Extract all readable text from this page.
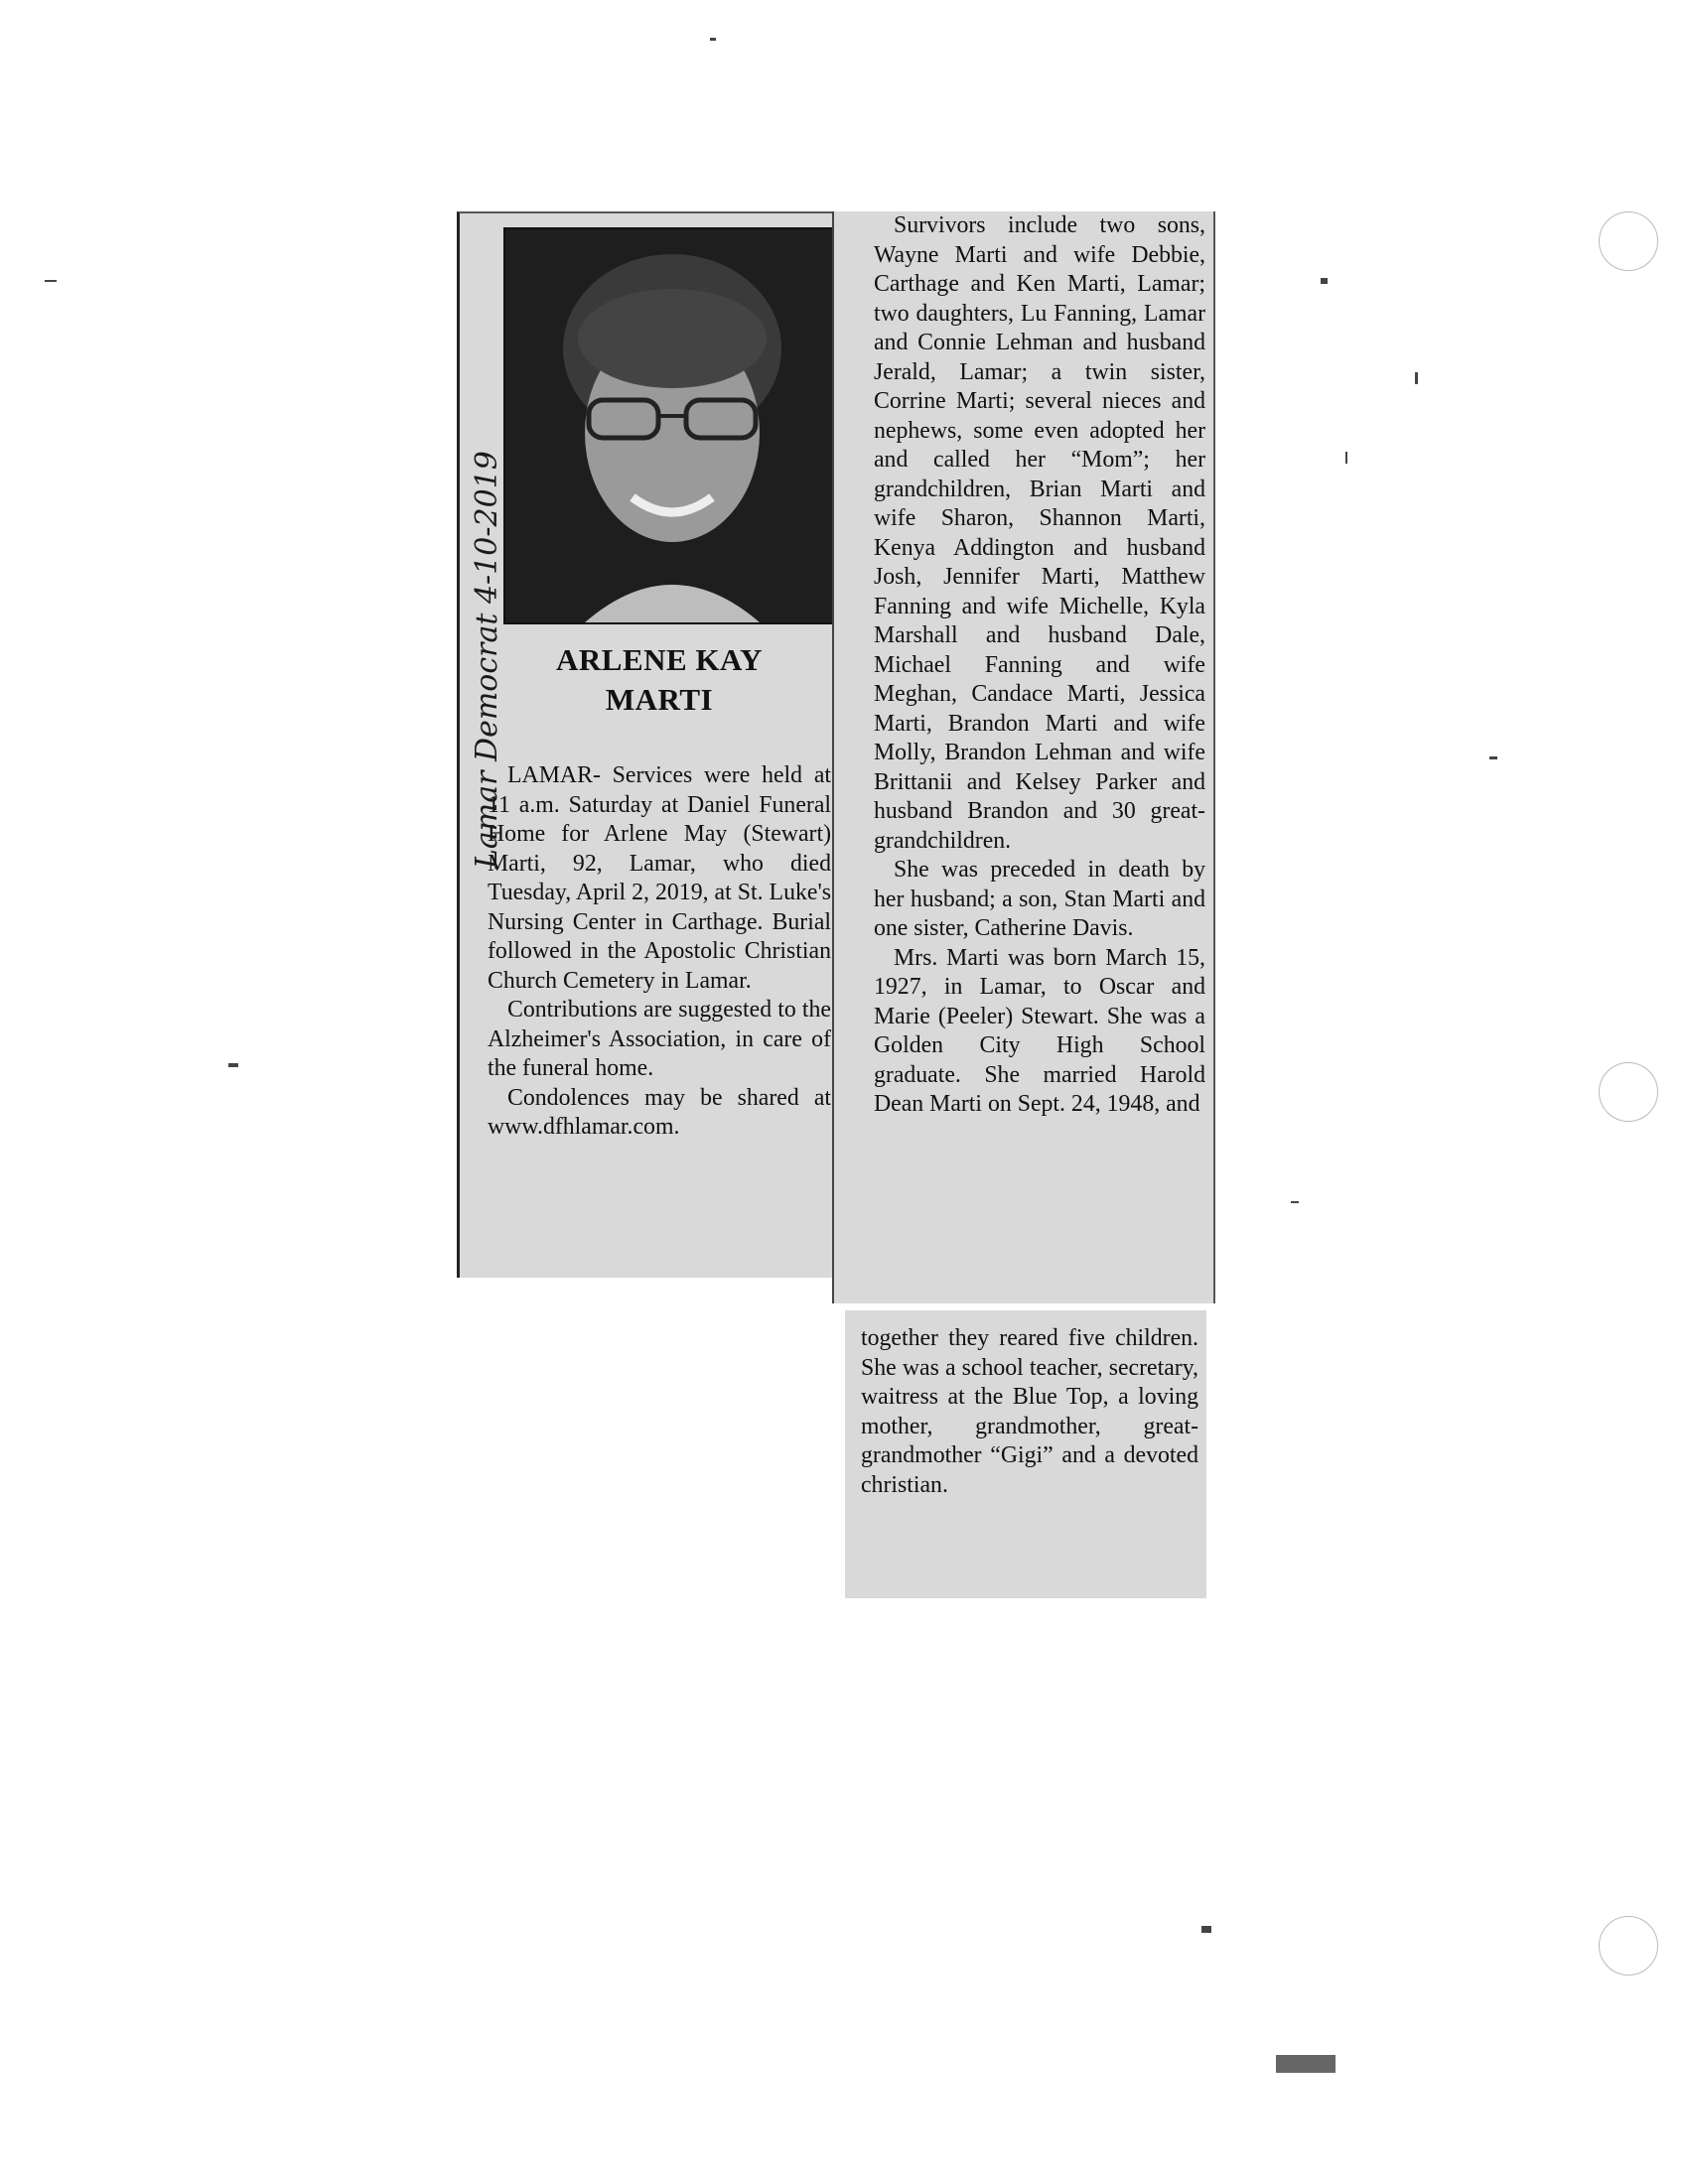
ARLENE KAY
MARTI

LAMAR- Services were held at 11 a.m. Saturday at Daniel Funeral Home for Arlene May (Stewart) Marti, 92, Lamar, who died Tuesday, April 2, 2019, at St. Luke's Nursing Center in Carthage. Burial followed in the Apostolic Christian Church Cemetery in Lamar.

Contributions are suggested to the Alzheimer's Association, in care of the funeral home.

Condolences may be shared at www.dfhlamar.com.

Lamar Democrat 4-10-2019

Survivors include two sons, Wayne Marti and wife Debbie, Carthage and Ken Marti, Lamar; two daughters, Lu Fanning, Lamar and Connie Lehman and husband Jerald, Lamar; a twin sister, Corrine Marti; several nieces and nephews, some even adopted her and called her “Mom”; her grandchildren, Brian Marti and wife Sharon, Shannon Marti, Kenya Addington and husband Josh, Jennifer Marti, Matthew Fanning and wife Michelle, Kyla Marshall and husband Dale, Michael Fanning and wife Meghan, Candace Marti, Jessica Marti, Brandon Marti and wife Molly, Brandon Lehman and wife Brittanii and Kelsey Parker and husband Brandon and 30 great-grandchildren.

She was preceded in death by her husband; a son, Stan Marti and one sister, Catherine Davis.

Mrs. Marti was born March 15, 1927, in Lamar, to Oscar and Marie (Peeler) Stewart. She was a Golden City High School graduate. She married Harold Dean Marti on Sept. 24, 1948, and

together they reared five children. She was a school teacher, secretary, waitress at the Blue Top, a loving mother, grandmother, great-grandmother “Gigi” and a devoted christian.
